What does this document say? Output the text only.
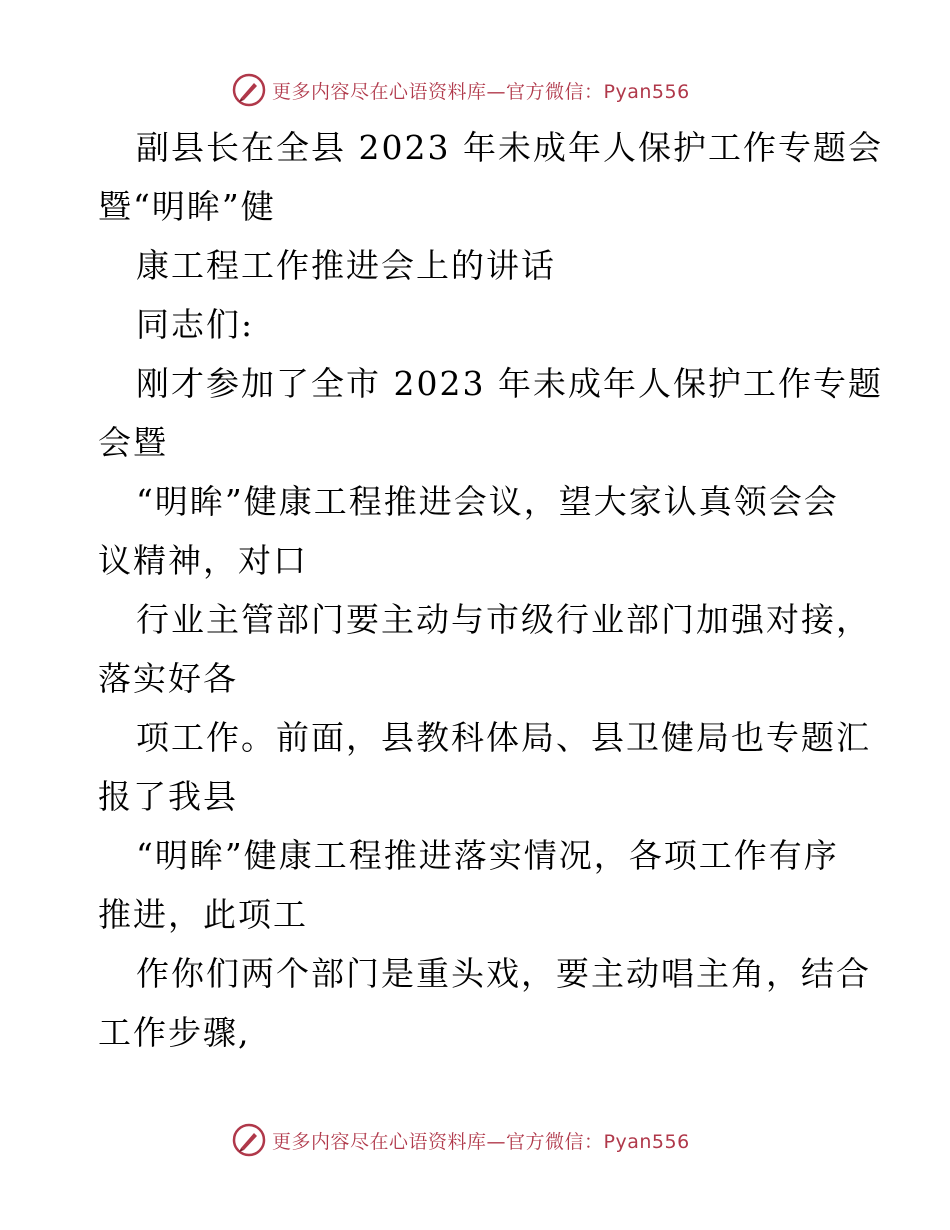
更多内容尽在心语资料库—官方微信：Pyan556
副县长在全县 2023 年未成年人保护工作专题会
暨“明眸”健
康工程工作推进会上的讲话
同志们:
刚才参加了全市 2023 年未成年人保护工作专题
会暨
“明眸”健康工程推进会议，望大家认真领会会
议精神，对口
行业主管部门要主动与市级行业部门加强对接，
落实好各
项工作。前面，县教科体局、县卫健局也专题汇
报了我县
“明眸”健康工程推进落实情况，各项工作有序
推进，此项工
作你们两个部门是重头戏，要主动唱主角，结合
工作步骤,
更多内容尽在心语资料库—官方微信：Pyan556
